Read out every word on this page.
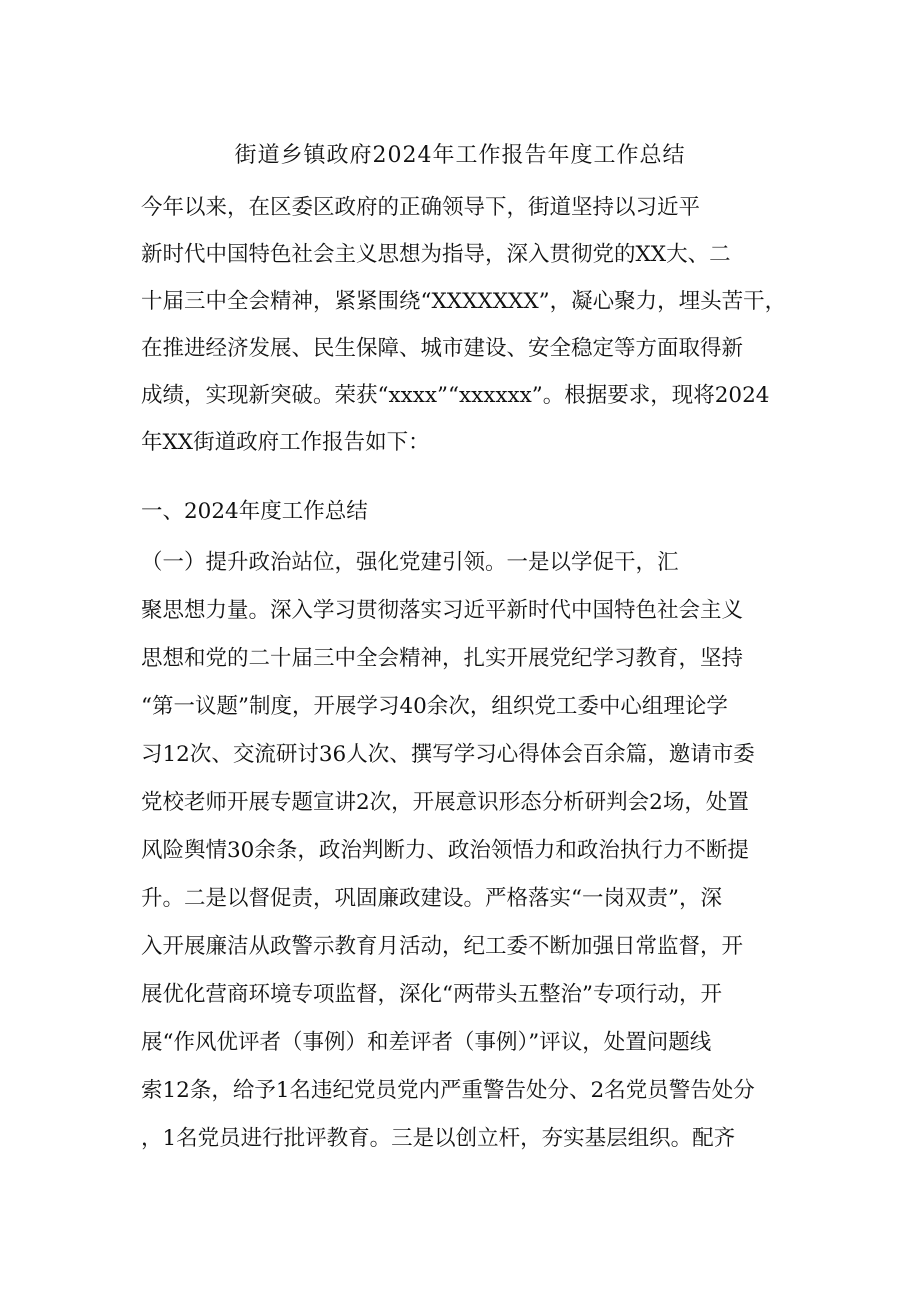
街道乡镇政府2024年工作报告年度工作总结

今年以来，在区委区政府的正确领导下，街道坚持以习近平

新时代中国特色社会主义思想为指导，深入贯彻党的XX大、二

十届三中全会精神，紧紧围绕“XXXXXXX”，凝心聚力，埋头苦干，

在推进经济发展、民生保障、城市建设、安全稳定等方面取得新

成绩，实现新突破。荣获“xxxx”“xxxxxx”。根据要求，现将2024

年XX街道政府工作报告如下：

一、2024年度工作总结

（一）提升政治站位，强化党建引领。一是以学促干，汇

聚思想力量。深入学习贯彻落实习近平新时代中国特色社会主义

思想和党的二十届三中全会精神，扎实开展党纪学习教育，坚持

“第一议题”制度，开展学习40余次，组织党工委中心组理论学

习12次、交流研讨36人次、撰写学习心得体会百余篇，邀请市委

党校老师开展专题宣讲2次，开展意识形态分析研判会2场，处置

风险舆情30余条，政治判断力、政治领悟力和政治执行力不断提

升。二是以督促责，巩固廉政建设。严格落实“一岗双责”，深

入开展廉洁从政警示教育月活动，纪工委不断加强日常监督，开

展优化营商环境专项监督，深化“两带头五整治”专项行动，开

展“作风优评者（事例）和差评者（事例）”评议，处置问题线

索12条，给予1名违纪党员党内严重警告处分、2名党员警告处分

，1名党员进行批评教育。三是以创立杆，夯实基层组织。配齐
